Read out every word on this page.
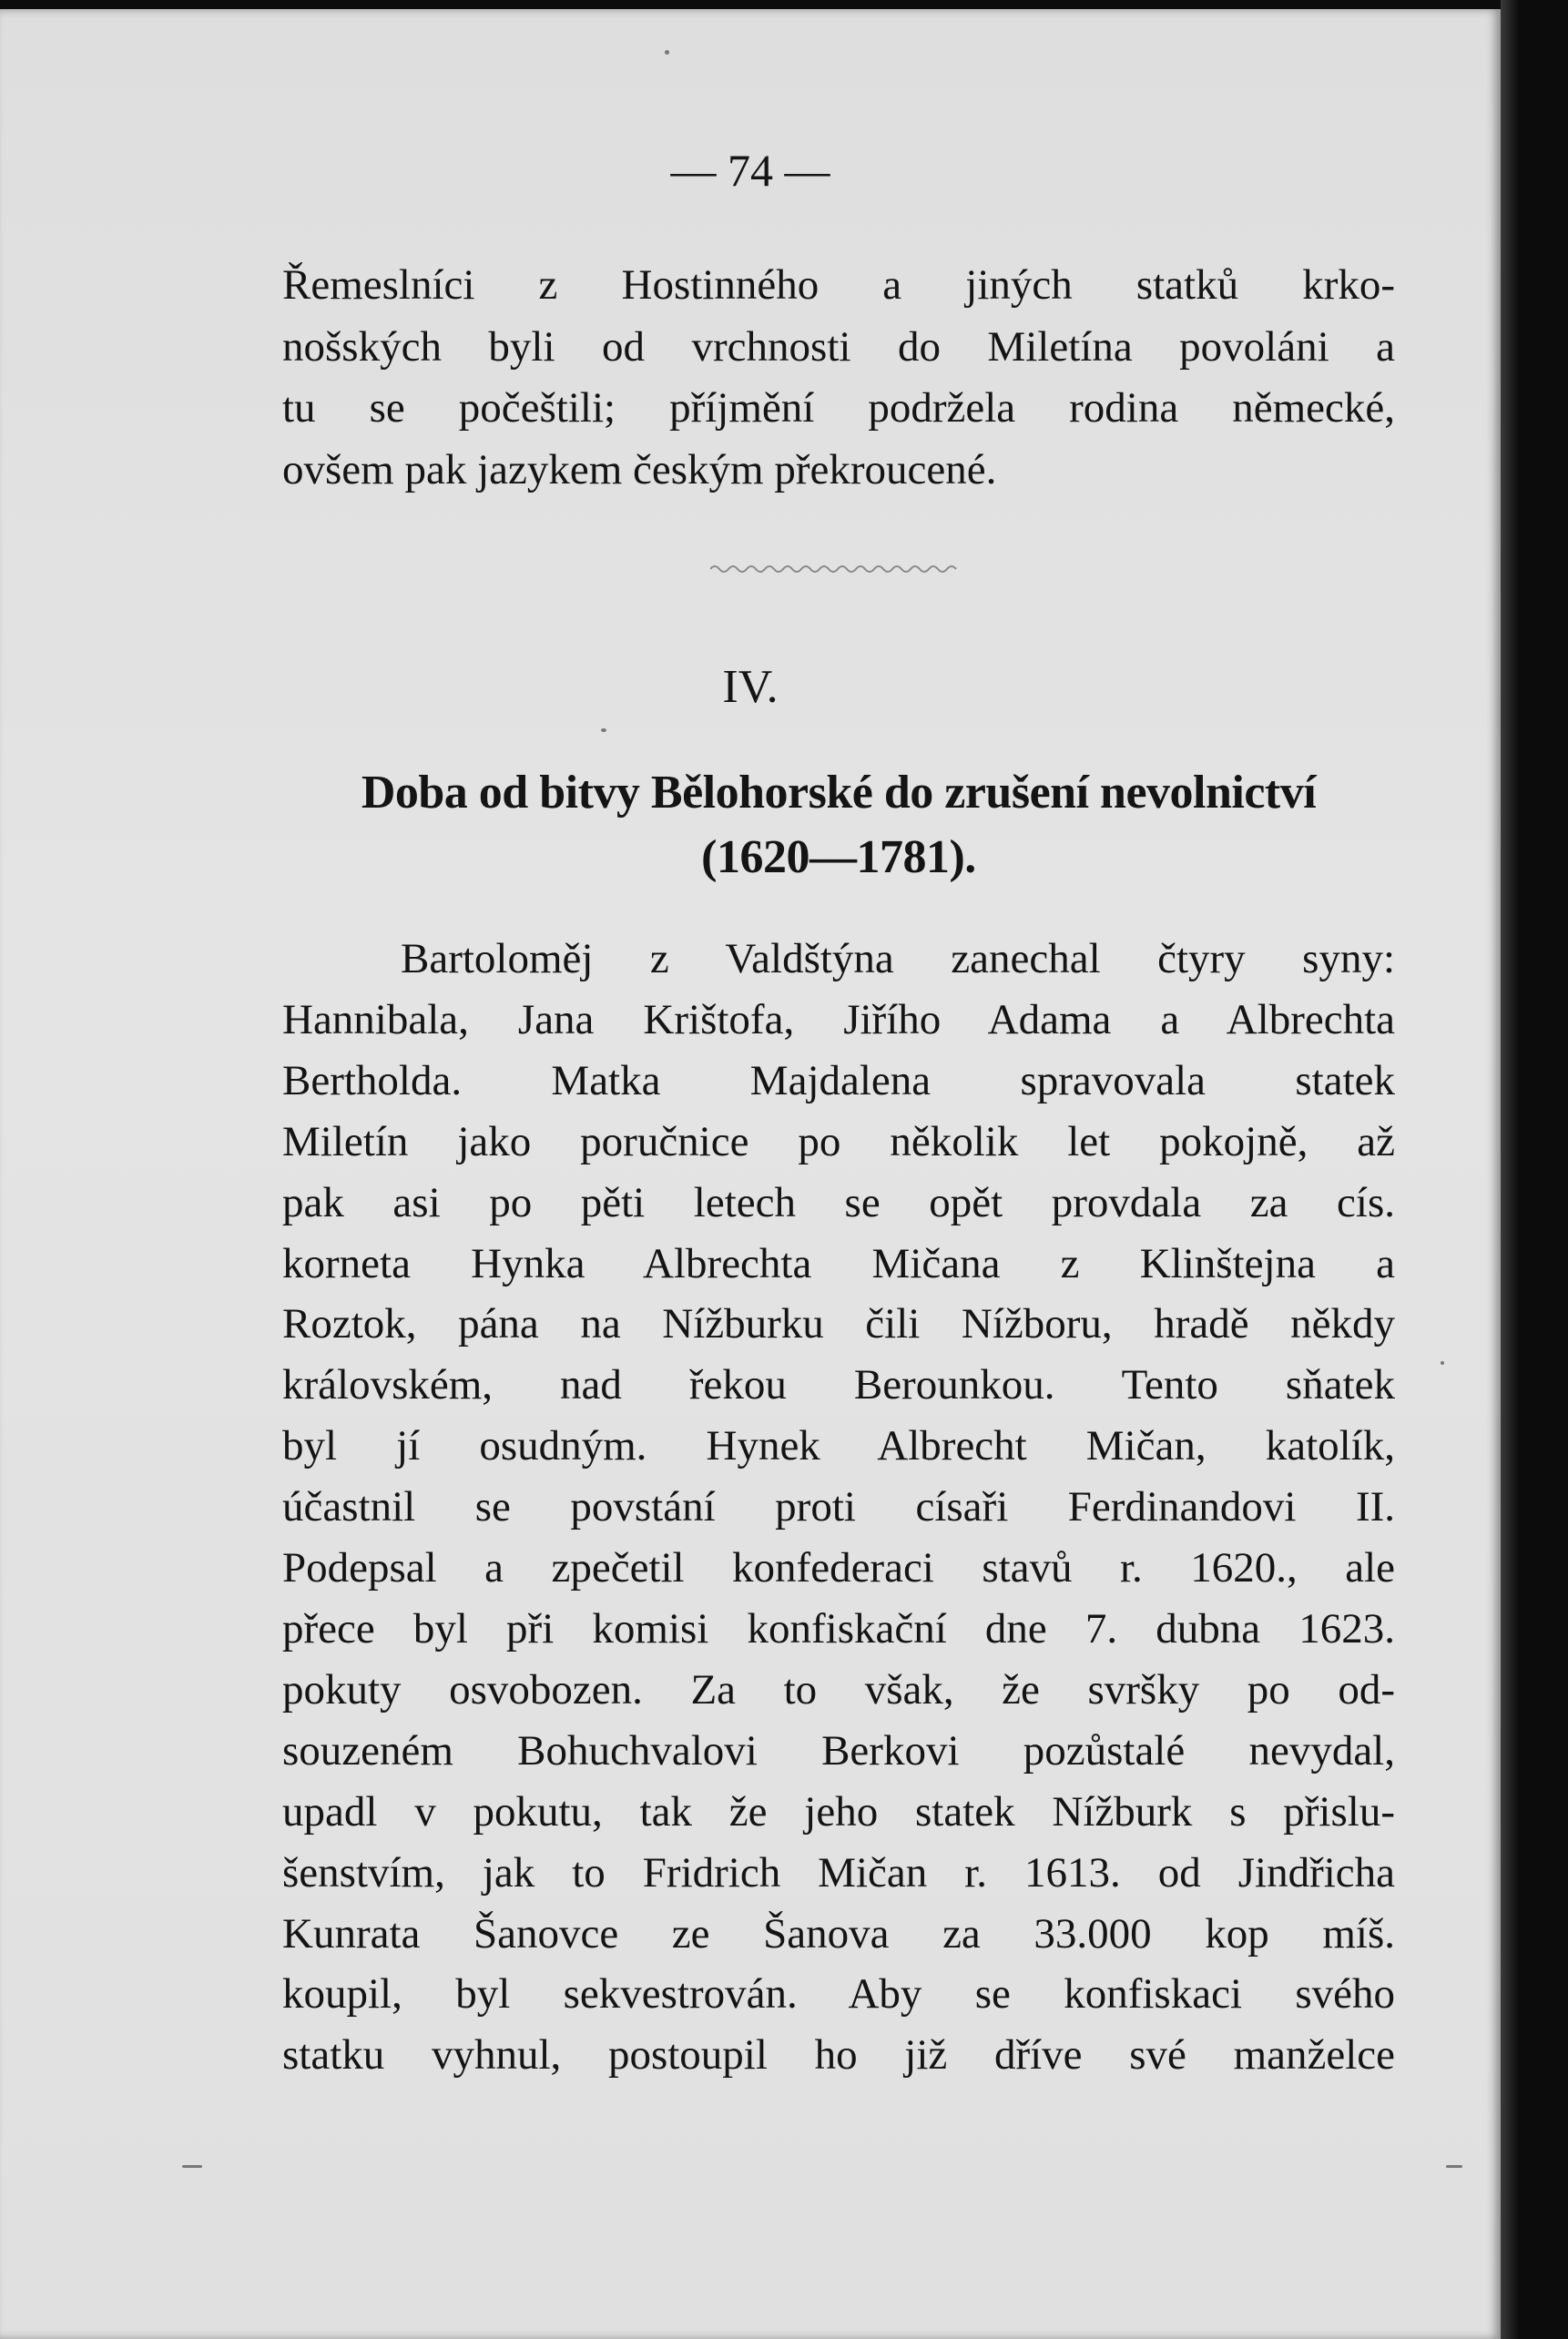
— 74 —
Řemeslníci z Hostinného a jiných statků krko-
nošských byli od vrchnosti do Miletína povoláni a
tu se počeštili; příjmění podržela rodina německé,
ovšem pak jazykem českým překroucené.
IV.
Doba od bitvy Bělohorské do zrušení nevolnictví
(1620—1781).
Bartoloměj z Valdštýna zanechal čtyry syny:
Hannibala, Jana Krištofa, Jiřího Adama a Albrechta
Bertholda. Matka Majdalena spravovala statek
Miletín jako poručnice po několik let pokojně, až
pak asi po pěti letech se opět provdala za cís.
korneta Hynka Albrechta Mičana z Klinštejna a
Roztok, pána na Nížburku čili Nížboru, hradě někdy
královském, nad řekou Berounkou. Tento sňatek
byl jí osudným. Hynek Albrecht Mičan, katolík,
účastnil se povstání proti císaři Ferdinandovi II.
Podepsal a zpečetil konfederaci stavů r. 1620., ale
přece byl při komisi konfiskační dne 7. dubna 1623.
pokuty osvobozen. Za to však, že svršky po od-
souzeném Bohuchvalovi Berkovi pozůstalé nevydal,
upadl v pokutu, tak že jeho statek Nížburk s přislu-
šenstvím, jak to Fridrich Mičan r. 1613. od Jindřicha
Kunrata Šanovce ze Šanova za 33.000 kop míš.
koupil, byl sekvestrován. Aby se konfiskaci svého
statku vyhnul, postoupil ho již dříve své manželce
